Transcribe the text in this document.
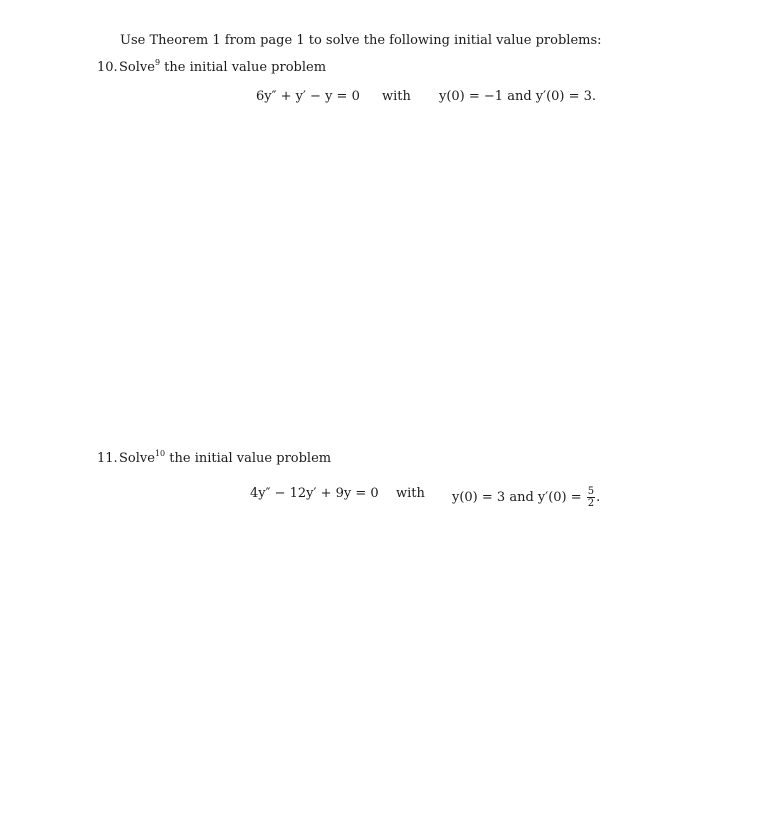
Use Theorem 1 from page 1 to solve the following initial value problems:
10.Solve$^9$ the initial value problem
6y″ + y′ − y = 0 with y(0) = −1 and y′(0) = 3.
11.Solve$^{10}$ the initial value problem
4y″ − 12y′ + 9y = 0 with y(0) = 3 and $y'(0) = \frac{5}{2}$ .
